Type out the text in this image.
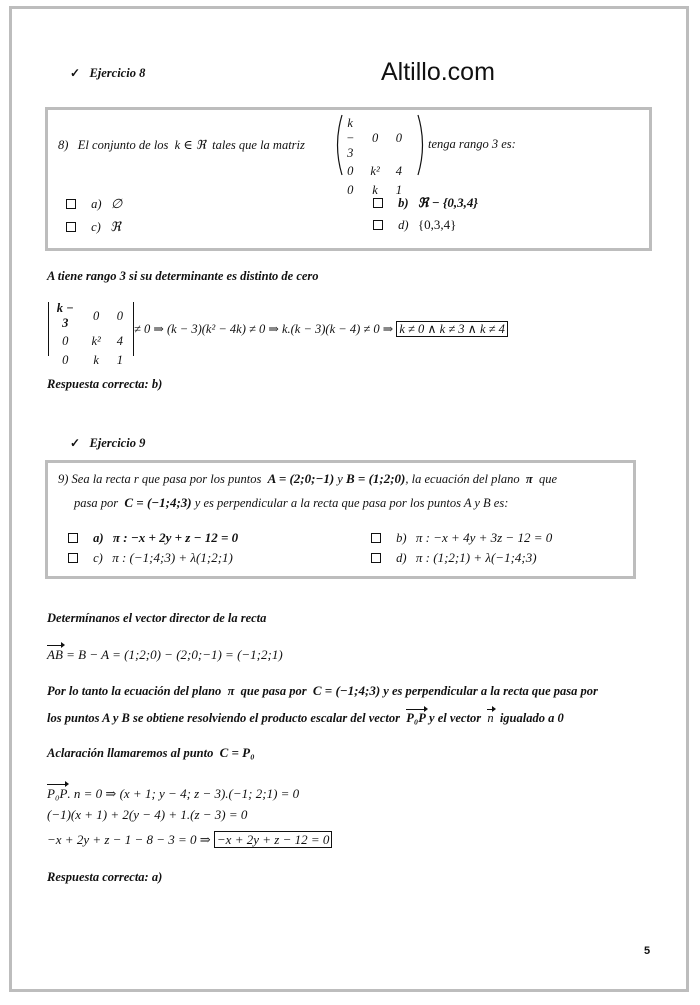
Altillo.com
✓ Ejercicio 8
8) El conjunto de los k ∈ ℜ tales que la matriz
k − 3	0	0
0	k²	4
0	k	1
tenga rango 3 es:
a) ∅	b) ℜ − {0,3,4}
c) ℜ	d) {0,3,4}
A tiene rango 3 si su determinante es distinto de cero
k − 3	0	0
0	k²	4
0	k	1
≠ 0 ⇒ (k − 3)(k² − 4k) ≠ 0 ⇒ k.(k − 3)(k − 4) ≠ 0 ⇒ k ≠ 0 ∧ k ≠ 3 ∧ k ≠ 4
Respuesta correcta: b)
✓ Ejercicio 9
9) Sea la recta r que pasa por los puntos A = (2;0;−1) y B = (1;2;0), la ecuación del plano π que
pasa por C = (−1;4;3) y es perpendicular a la recta que pasa por los puntos A y B es:
a) π : −x + 2y + z − 12 = 0	b) π : −x + 4y + 3z − 12 = 0
c) π : (−1;4;3) + λ(1;2;1)	d) π : (1;2;1) + λ(−1;4;3)
Determínanos el vector director de la recta
AB = B − A = (1;2;0) − (2;0;−1) = (−1;2;1)
Por lo tanto la ecuación del plano π que pasa por C = (−1;4;3) y es perpendicular a la recta que pasa por
los puntos A y B se obtiene resolviendo el producto escalar del vector P₀P y el vector n igualado a 0
Aclaración llamaremos al punto C = P₀
P₀P. n = 0 ⇒ (x + 1; y − 4; z − 3).(−1; 2;1) = 0
(−1)(x + 1) + 2(y − 4) + 1.(z − 3) = 0
−x + 2y + z − 1 − 8 − 3 = 0 ⇒ −x + 2y + z − 12 = 0
Respuesta correcta: a)
5
